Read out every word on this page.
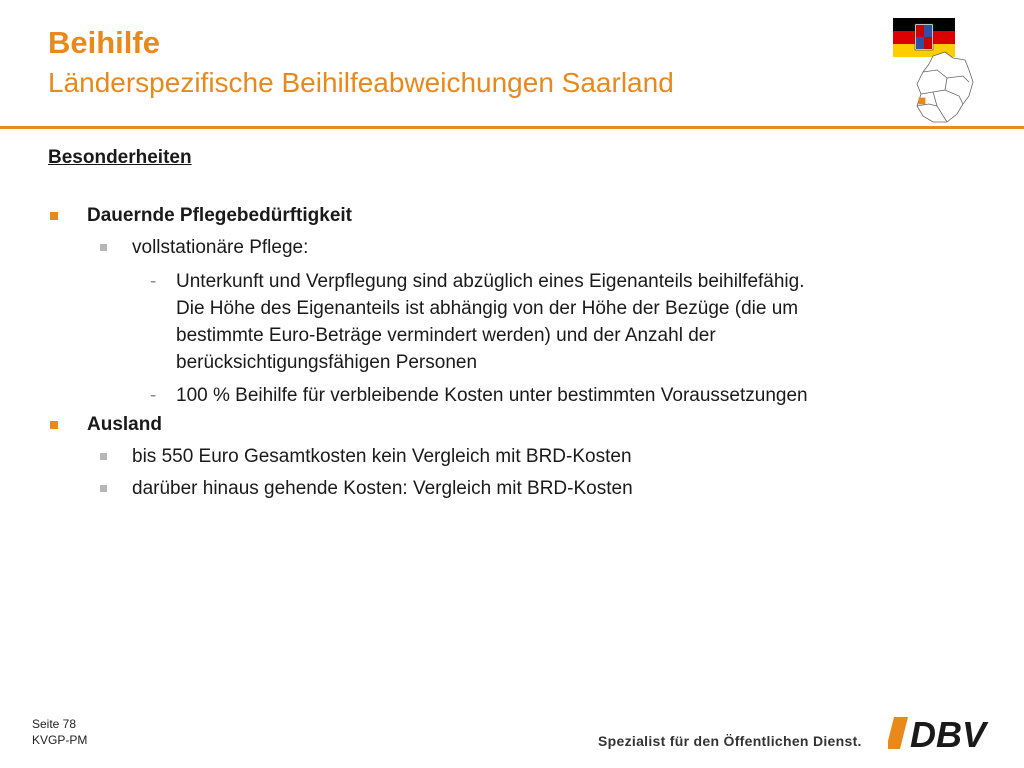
Beihilfe
Länderspezifische Beihilfeabweichungen Saarland
Besonderheiten
Dauernde Pflegebedürftigkeit
vollstationäre Pflege:
- Unterkunft und Verpflegung sind abzüglich eines Eigenanteils beihilfefähig.
Die Höhe des Eigenanteils ist abhängig von der Höhe der Bezüge (die um
bestimmte Euro-Beträge vermindert werden) und der Anzahl der
berücksichtigungsfähigen Personen
- 100 % Beihilfe für verbleibende Kosten unter bestimmten Voraussetzungen
Ausland
bis 550 Euro Gesamtkosten kein Vergleich mit BRD-Kosten
darüber hinaus gehende Kosten: Vergleich mit BRD-Kosten
Seite 78
KVGP-PM	Spezialist für den Öffentlichen Dienst. DBV
